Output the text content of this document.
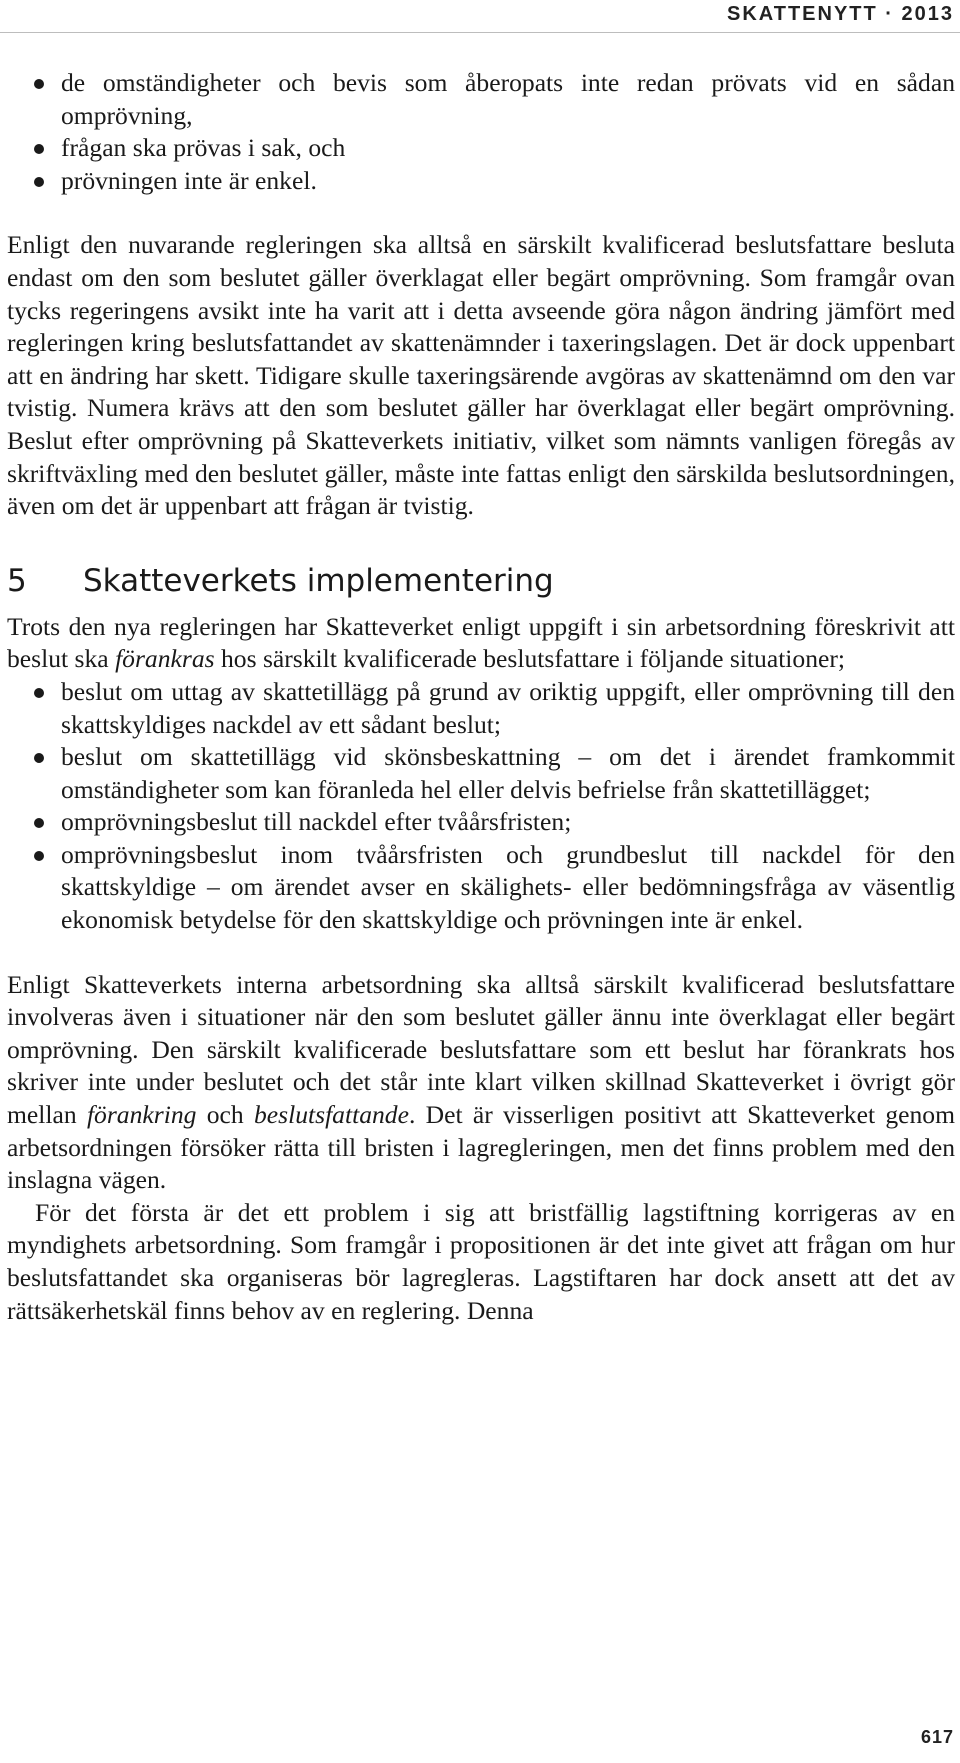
SKATTENYTT · 2013
de omständigheter och bevis som åberopats inte redan prövats vid en sådan omprövning,
frågan ska prövas i sak, och
prövningen inte är enkel.

Enligt den nuvarande regleringen ska alltså en särskilt kvalificerad beslutsfattare besluta endast om den som beslutet gäller överklagat eller begärt omprövning. Som framgår ovan tycks regeringens avsikt inte ha varit att i detta avseende göra någon ändring jämfört med regleringen kring beslutsfattandet av skattenämnder i taxeringslagen. Det är dock uppenbart att en ändring har skett. Tidigare skulle taxeringsärende avgöras av skattenämnd om den var tvistig. Numera krävs att den som beslutet gäller har överklagat eller begärt omprövning. Beslut efter omprövning på Skatteverkets initiativ, vilket som nämnts vanligen föregås av skriftväxling med den beslutet gäller, måste inte fattas enligt den särskilda beslutsordningen, även om det är uppenbart att frågan är tvistig.

5 Skatteverkets implementering

Trots den nya regleringen har Skatteverket enligt uppgift i sin arbetsordning föreskrivit att beslut ska förankras hos särskilt kvalificerade beslutsfattare i följande situationer;

beslut om uttag av skattetillägg på grund av oriktig uppgift, eller omprövning till den skattskyldiges nackdel av ett sådant beslut;
beslut om skattetillägg vid skönsbeskattning – om det i ärendet framkommit omständigheter som kan föranleda hel eller delvis befrielse från skattetillägget;
omprövningsbeslut till nackdel efter tvåårsfristen;
omprövningsbeslut inom tvåårsfristen och grundbeslut till nackdel för den skattskyldige – om ärendet avser en skälighets- eller bedömningsfråga av väsentlig ekonomisk betydelse för den skattskyldige och prövningen inte är enkel.

Enligt Skatteverkets interna arbetsordning ska alltså särskilt kvalificerad beslutsfattare involveras även i situationer när den som beslutet gäller ännu inte överklagat eller begärt omprövning. Den särskilt kvalificerade beslutsfattare som ett beslut har förankrats hos skriver inte under beslutet och det står inte klart vilken skillnad Skatteverket i övrigt gör mellan förankring och beslutsfattande. Det är visserligen positivt att Skatteverket genom arbetsordningen försöker rätta till bristen i lagregleringen, men det finns problem med den inslagna vägen.

För det första är det ett problem i sig att bristfällig lagstiftning korrigeras av en myndighets arbetsordning. Som framgår i propositionen är det inte givet att frågan om hur beslutsfattandet ska organiseras bör lagregleras. Lagstiftaren har dock ansett att det av rättsäkerhetskäl finns behov av en reglering. Denna

617
